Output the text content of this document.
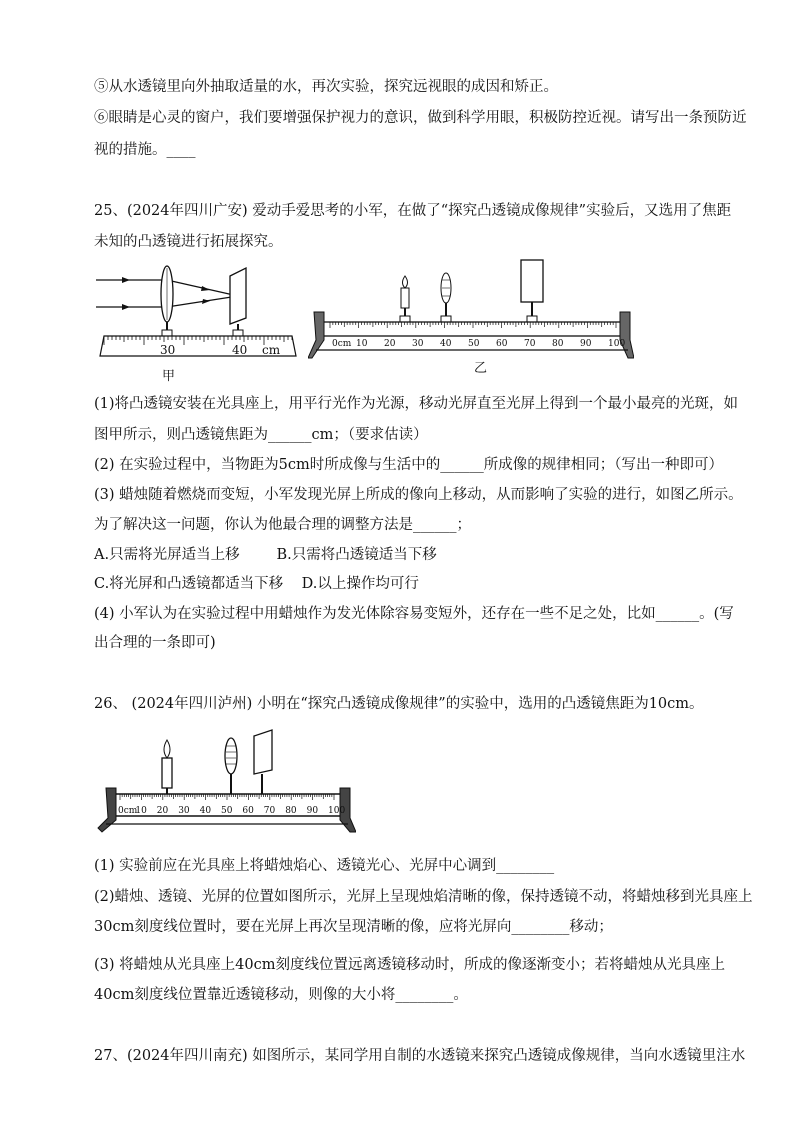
⑤从水透镜里向外抽取适量的水，再次实验，探究远视眼的成因和矫正。
⑥眼睛是心灵的窗户，我们要增强保护视力的意识，做到科学用眼，积极防控近视。请写出一条预防近
视的措施。____
25、(2024年四川广安) 爱动手爱思考的小军，在做了“探究凸透镜成像规律”实验后，又选用了焦距
未知的凸透镜进行拓展探究。
30	40 cm
甲
0cm 10 20 30 40 50 60 70 80 90 100
乙
(1)将凸透镜安装在光具座上，用平行光作为光源，移动光屏直至光屏上得到一个最小最亮的光斑，如
图甲所示，则凸透镜焦距为______cm；（要求估读）
(2) 在实验过程中，当物距为5cm时所成像与生活中的______所成像的规律相同；（写出一种即可）
(3) 蜡烛随着燃烧而变短，小军发现光屏上所成的像向上移动，从而影响了实验的进行，如图乙所示。
为了解决这一问题，你认为他最合理的调整方法是______；
A.只需将光屏适当上移        B.只需将凸透镜适当下移
C.将光屏和凸透镜都适当下移    D.以上操作均可行
(4) 小军认为在实验过程中用蜡烛作为发光体除容易变短外，还存在一些不足之处，比如______。(写
出合理的一条即可)
26、 (2024年四川泸州) 小明在“探究凸透镜成像规律”的实验中，选用的凸透镜焦距为10cm。
0cm
10 20 30 40 50 60 70 80 90 100
(1) 实验前应在光具座上将蜡烛焰心、透镜光心、光屏中心调到________
(2)蜡烛、透镜、光屏的位置如图所示，光屏上呈现烛焰清晰的像，保持透镜不动，将蜡烛移到光具座上
30cm刻度线位置时，要在光屏上再次呈现清晰的像，应将光屏向________移动；
(3) 将蜡烛从光具座上40cm刻度线位置远离透镜移动时，所成的像逐渐变小；若将蜡烛从光具座上
40cm刻度线位置靠近透镜移动，则像的大小将________。
27、(2024年四川南充) 如图所示，某同学用自制的水透镜来探究凸透镜成像规律，当向水透镜里注水
